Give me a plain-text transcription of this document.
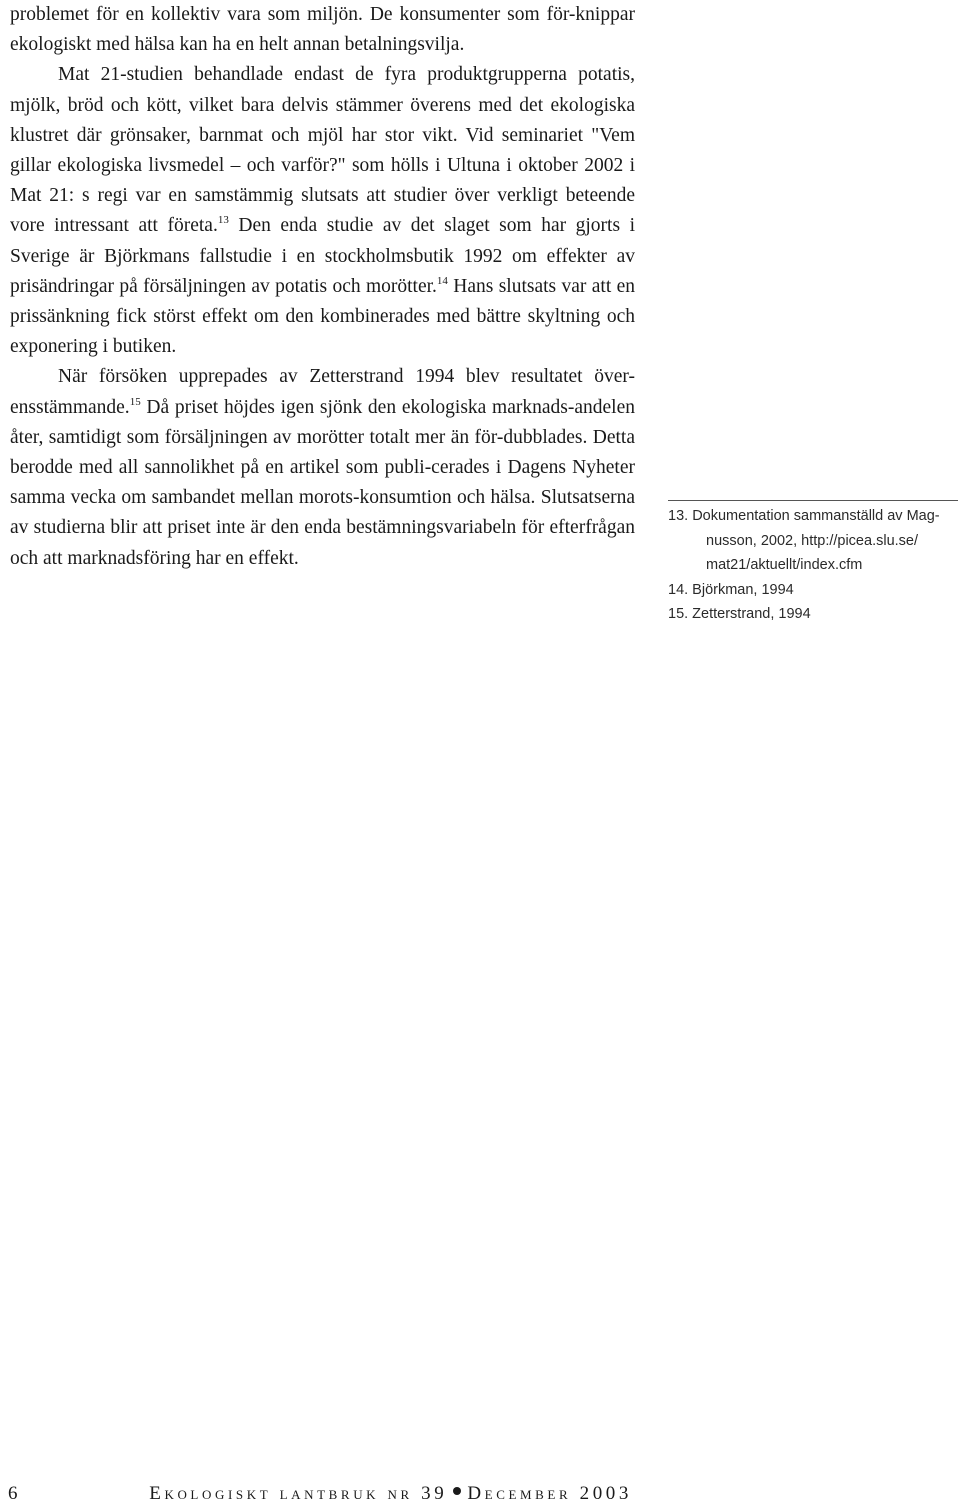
problemet för en kollektiv vara som miljön. De konsumenter som för-knippar ekologiskt med hälsa kan ha en helt annan betalningsvilja.

Mat 21-studien behandlade endast de fyra produktgrupperna potatis, mjölk, bröd och kött, vilket bara delvis stämmer överens med det ekologiska klustret där grönsaker, barnmat och mjöl har stor vikt. Vid seminariet "Vem gillar ekologiska livsmedel – och varför?" som hölls i Ultuna i oktober 2002 i Mat 21: s regi var en samstämmig slutsats att studier över verkligt beteende vore intressant att företa.$^{13}$ Den enda studie av det slaget som har gjorts i Sverige är Björkmans fallstudie i en stockholmsbutik 1992 om effekter av prisändringar på försäljningen av potatis och morötter.$^{14}$ Hans slutsats var att en prissänkning fick störst effekt om den kombinerades med bättre skyltning och exponering i butiken.

När försöken upprepades av Zetterstrand 1994 blev resultatet över-ensstämmande.$^{15}$ Då priset höjdes igen sjönk den ekologiska marknads-andelen åter, samtidigt som försäljningen av morötter totalt mer än för-dubblades. Detta berodde med all sannolikhet på en artikel som publi-cerades i Dagens Nyheter samma vecka om sambandet mellan morots-konsumtion och hälsa. Slutsatserna av studierna blir att priset inte är den enda bestämningsvariabeln för efterfrågan och att marknadsföring har en effekt.

13. Dokumentation sammanställd av Mag-
nusson, 2002, http://picea.slu.se/
mat21/aktuellt/index.cfm
14. Björkman, 1994
15. Zetterstrand, 1994
6	Ekologiskt lantbruk nr 39 December 2003
